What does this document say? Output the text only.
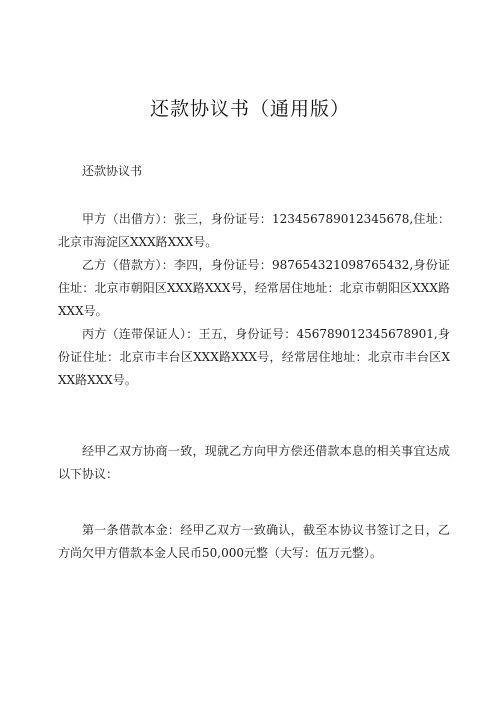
还款协议书（通用版）

还款协议书

甲方（出借方）：张三，身份证号：123456789012345678,住址：北京市海淀区XXX路XXX号。

乙方（借款方）：李四，身份证号：987654321098765432,身份证住址：北京市朝阳区XXX路XXX号，经常居住地址：北京市朝阳区XXX路XXX号。

丙方（连带保证人）：王五，身份证号：456789012345678901,身份证住址：北京市丰台区XXX路XXX号，经常居住地址：北京市丰台区XXX路XXX号。

经甲乙双方协商一致，现就乙方向甲方偿还借款本息的相关事宜达成以下协议：

第一条借款本金：经甲乙双方一致确认，截至本协议书签订之日，乙方尚欠甲方借款本金人民币50,000元整（大写：伍万元整）。
